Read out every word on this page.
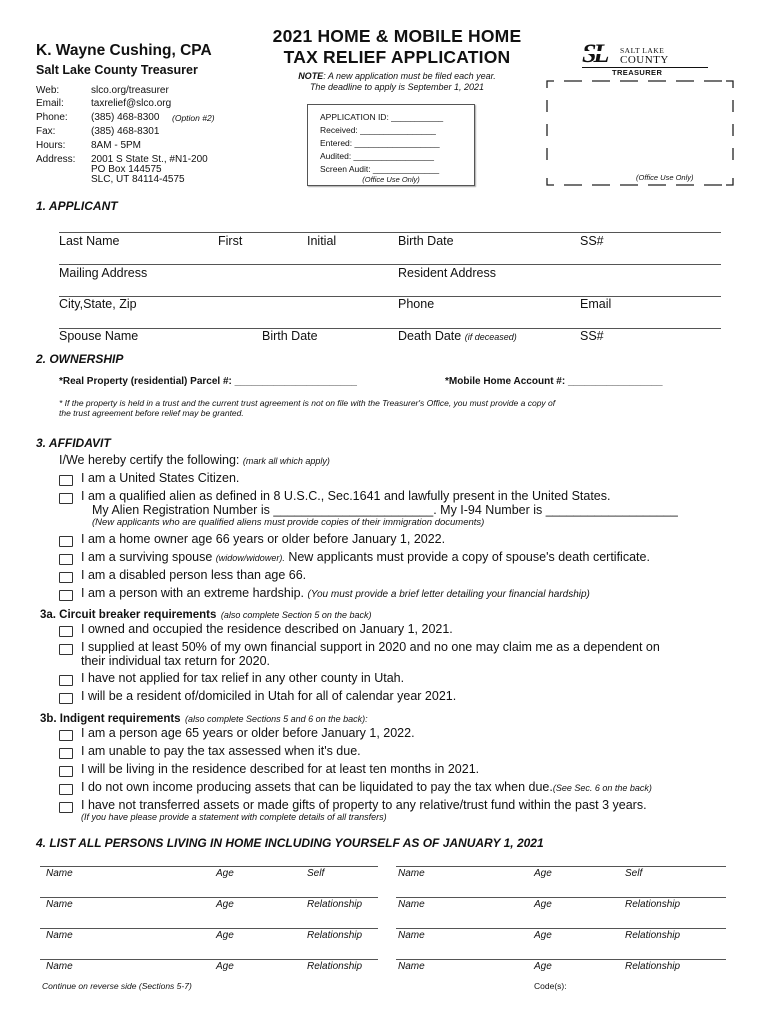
K. Wayne Cushing, CPA
Salt Lake County Treasurer
Web:	slco.org/treasurer
Email:	taxrelief@slco.org
Phone: (385) 468-8300 (Option #2)
Fax:	(385) 468-8301
Hours:	8AM - 5PM
Address: 2001 S State St., #N1-200
PO Box 144575
SLC, UT 84114-4575
2021 HOME & MOBILE HOME
TAX RELIEF APPLICATION
NOTE: A new application must be filed each year.
The deadline to apply is September 1, 2021
APPLICATION ID: ___________
Received: ________________
Entered: __________________
Audited: _________________
Screen Audit: ______________
(Office Use Only)
SALT LAKE
COUNTY
TREASURER
(Office Use Only)
1. APPLICANT
Last Name	First	Initial	Birth Date	SS#
Mailing Address	Resident Address
City,State, Zip	Phone	Email
Spouse Name	Birth Date	Death Date (if deceased)	SS#
2. OWNERSHIP
*Real Property (residential) Parcel #: ______________________	*Mobile Home Account #: _________________
* If the property is held in a trust and the current trust agreement is not on file with the Treasurer's Office, you must provide a copy of
the trust agreement before relief may be granted.
3. AFFIDAVIT
I/We hereby certify the following: (mark all which apply)
I am a United States Citizen.
I am a qualified alien as defined in 8 U.S.C., Sec.1641 and lawfully present in the United States.
My Alien Registration Number is _______________________. My I-94 Number is ___________________
(New applicants who are qualified aliens must provide copies of their immigration documents)
I am a home owner age 66 years or older before January 1, 2022.
I am a surviving spouse (widow/widower). New applicants must provide a copy of spouse's death certificate.
I am a disabled person less than age 66.
I am a person with an extreme hardship. (You must provide a brief letter detailing your financial hardship)
3a. Circuit breaker requirements (also complete Section 5 on the back)
I owned and occupied the residence described on January 1, 2021.
I supplied at least 50% of my own financial support in 2020 and no one may claim me as a dependent on
their individual tax return for 2020.
I have not applied for tax relief in any other county in Utah.
I will be a resident of/domiciled in Utah for all of calendar year 2021.
3b. Indigent requirements (also complete Sections 5 and 6 on the back):
I am a person age 65 years or older before January 1, 2022.
I am unable to pay the tax assessed when it's due.
I will be living in the residence described for at least ten months in 2021.
I do not own income producing assets that can be liquidated to pay the tax when due.(See Sec. 6 on the back)
I have not transferred assets or made gifts of property to any relative/trust fund within the past 3 years.
(If you have please provide a statement with complete details of all transfers)
4. LIST ALL PERSONS LIVING IN HOME INCLUDING YOURSELF AS OF JANUARY 1, 2021
Name	Age	Self	Name	Age	Self
Name	Age	Relationship	Name	Age	Relationship
Name	Age	Relationship	Name	Age	Relationship
Name	Age	Relationship	Name	Age	Relationship
Continue on reverse side (Sections 5-7)	Code(s):
